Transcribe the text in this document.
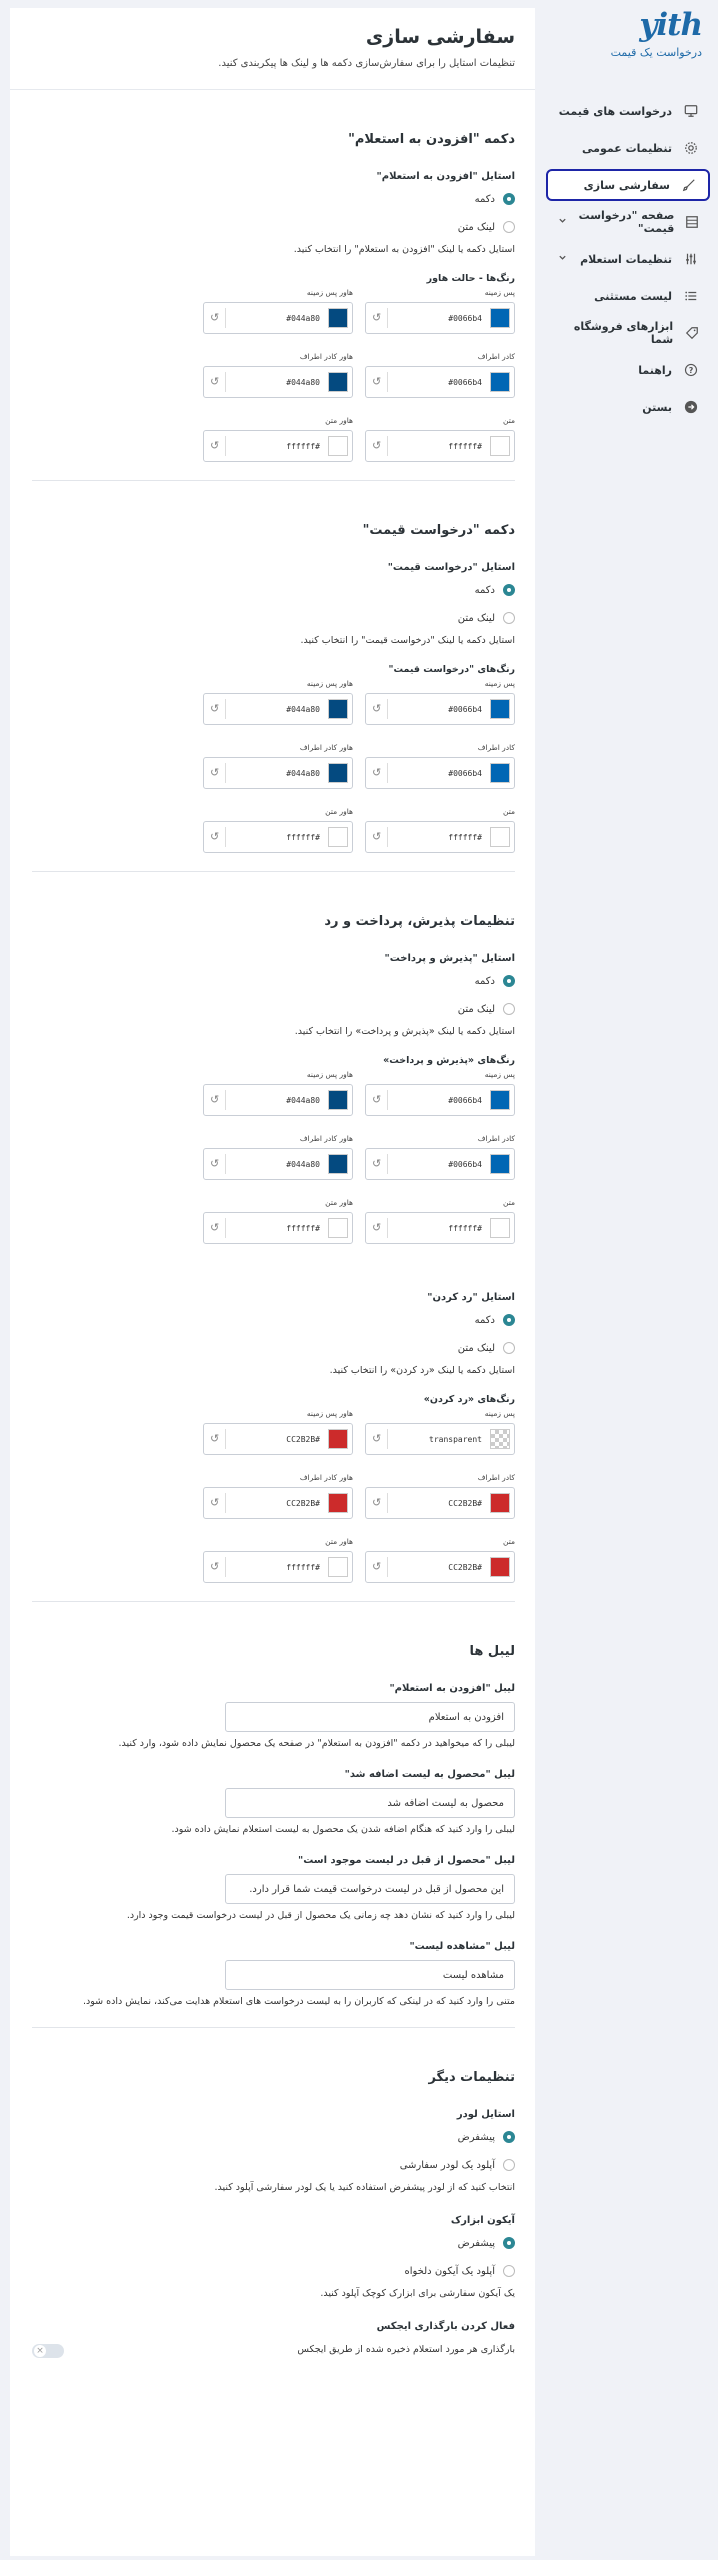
yith
درخواست یک قیمت
درخواست های قیمت
تنظیمات عمومی
سفارشی سازی
صفحه "درخواست قیمت"
تنظیمات استعلام
لیست مستثنی
ابزارهای فروشگاه شما
?
راهنما
بستن
سفارشی سازی

تنظیمات استایل را برای سفارش‌سازی دکمه ها و لینک ها پیکربندی کنید.

دکمه "افزودن به استعلام"
استایل "افزودن به استعلام"
دکمه
لینک متن
استایل دکمه یا لینک "افزودن به استعلام" را انتخاب کنید.
رنگ‌ها - حالت هاور
پس زمینه
#0066b4
↺
هاور پس زمینه
#044a80
↺
کادر اطراف
#0066b4
↺
هاور کادر اطراف
#044a80
↺
متن
#ffffff
↺
هاور متن
#ffffff
↺
دکمه "درخواست قیمت"
استایل "درخواست قیمت"
دکمه
لینک متن
استایل دکمه یا لینک "درخواست قیمت" را انتخاب کنید.
رنگ‌های "درخواست قیمت"
پس زمینه
#0066b4
↺
هاور پس زمینه
#044a80
↺
کادر اطراف
#0066b4
↺
هاور کادر اطراف
#044a80
↺
متن
#ffffff
↺
هاور متن
#ffffff
↺
تنظیمات پذیرش، پرداخت و رد
استایل "پذیرش و پرداخت"
دکمه
لینک متن
استایل دکمه یا لینک «پذیرش و پرداخت» را انتخاب کنید.
رنگ‌های «پذیرش و پرداخت»
پس زمینه
#0066b4
↺
هاور پس زمینه
#044a80
↺
کادر اطراف
#0066b4
↺
هاور کادر اطراف
#044a80
↺
متن
#ffffff
↺
هاور متن
#ffffff
↺
استایل "رد کردن"
دکمه
لینک متن
استایل دکمه یا لینک «رد کردن» را انتخاب کنید.
رنگ‌های «رد کردن»
پس زمینه
transparent
↺
هاور پس زمینه
#CC2B2B
↺
کادر اطراف
#CC2B2B
↺
هاور کادر اطراف
#CC2B2B
↺
متن
#CC2B2B
↺
هاور متن
#ffffff
↺
لیبل ها
لیبل "افزودن به استعلام"
افزودن به استعلام
لیبلی را که میخواهید در دکمه "افزودن به استعلام" در صفحه یک محصول نمایش داده شود، وارد کنید.
لیبل "محصول به لیست اضافه شد"
محصول به لیست اضافه شد
لیبلی را وارد کنید که هنگام اضافه شدن یک محصول به لیست استعلام نمایش داده شود.
لیبل "محصول از قبل در لیست موجود است"
این محصول از قبل در لیست درخواست قیمت شما قرار دارد.
لیبلی را وارد کنید که نشان دهد چه زمانی یک محصول از قبل در لیست درخواست قیمت وجود دارد.
لیبل "مشاهده لیست"
مشاهده لیست
متنی را وارد کنید که در لینکی که کاربران را به لیست درخواست های استعلام هدایت می‌کند، نمایش داده شود.
تنظیمات دیگر
استایل لودر
پیشفرض
آپلود یک لودر سفارشی
انتخاب کنید که از لودر پیشفرض استفاده کنید یا یک لودر سفارشی آپلود کنید.
آیکون ابزارک
پیشفرض
آپلود یک آیکون دلخواه
یک آیکون سفارشی برای ابزارک کوچک آپلود کنید.
فعال کردن بارگذاری ایجکس
بارگذاری هر مورد استعلام ذخیره شده از طریق ایجکس
×
